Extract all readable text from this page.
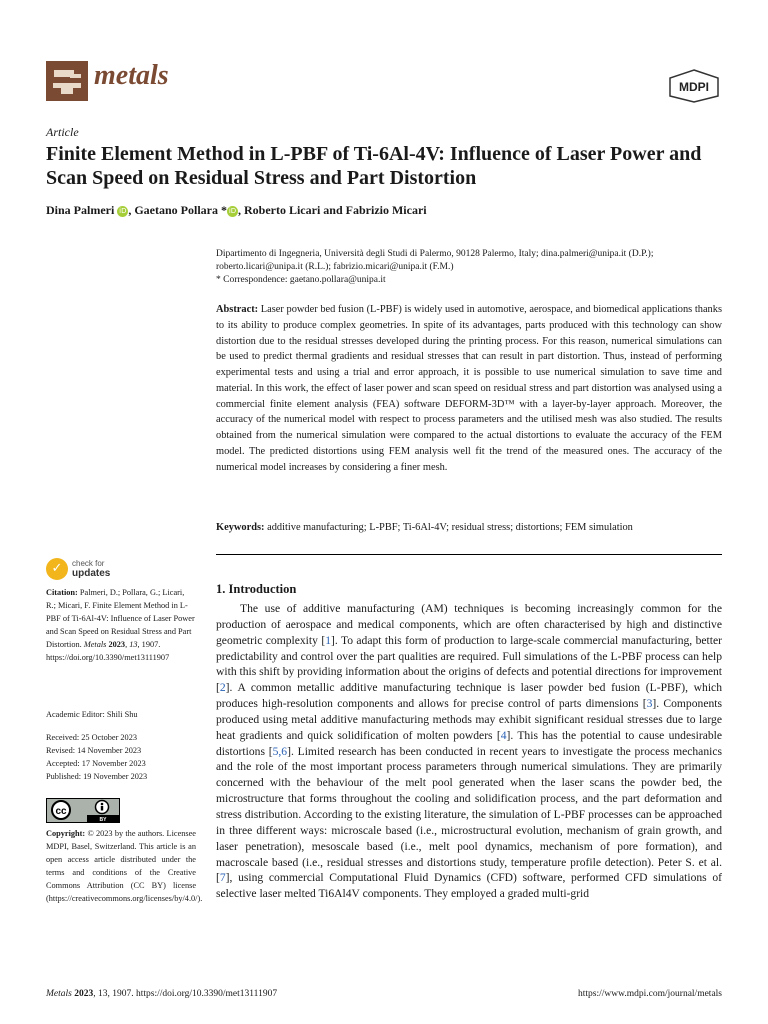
metals	MDPI
Article
Finite Element Method in L-PBF of Ti-6Al-4V: Influence of Laser Power and Scan Speed on Residual Stress and Part Distortion
Dina Palmeri iD , Gaetano Pollara * iD , Roberto Licari and Fabrizio Micari
Dipartimento di Ingegneria, Università degli Studi di Palermo, 90128 Palermo, Italy; dina.palmeri@unipa.it (D.P.); roberto.licari@unipa.it (R.L.); fabrizio.micari@unipa.it (F.M.)
* Correspondence: gaetano.pollara@unipa.it
Abstract: Laser powder bed fusion (L-PBF) is widely used in automotive, aerospace, and biomedical applications thanks to its ability to produce complex geometries. In spite of its advantages, parts produced with this technology can show distortion due to the residual stresses developed during the printing process. For this reason, numerical simulations can be used to predict thermal gradients and residual stresses that can result in part distortion. Thus, instead of performing experimental tests and using a trial and error approach, it is possible to use numerical simulation to save time and material. In this work, the effect of laser power and scan speed on residual stress and part distortion was analysed using a commercial finite element analysis (FEA) software DEFORM-3D™ with a layer-by-layer approach. Moreover, the accuracy of the numerical model with respect to process parameters and the utilised mesh was also studied. The results obtained from the numerical simulation were compared to the actual distortions to evaluate the accuracy of the FEM model. The predicted distortions using FEM analysis well fit the trend of the measured ones. The accuracy of the numerical model increases by considering a finer mesh.
Keywords: additive manufacturing; L-PBF; Ti-6Al-4V; residual stress; distortions; FEM simulation
1. Introduction
The use of additive manufacturing (AM) techniques is becoming increasingly common for the production of aerospace and medical components, which are often characterised by high and distinctive geometric complexity [1]. To adapt this form of production to large-scale commercial manufacturing, better predictability and control over the part qualities are required. Full simulations of the L-PBF process can help with this shift by providing information about the origins of defects and potential directions for improvement [2]. A common metallic additive manufacturing technique is laser powder bed fusion (L-PBF), which produces high-resolution components and allows for precise control of parts dimensions [3]. Components produced using metal additive manufacturing methods may exhibit significant residual stresses due to large heat gradients and quick solidification of molten powders [4]. This has the potential to cause undesirable distortions [5,6]. Limited research has been conducted in recent years to investigate the process mechanics and the role of the most important process parameters through numerical simulations. They are primarily concerned with the behaviour of the melt pool generated when the laser scans the powder bed, the microstructure that forms throughout the cooling and solidification process, and the part deformation and stress distribution. According to the existing literature, the simulation of L-PBF processes can be approached in three different ways: microscale based (i.e., microstructural evolution, mechanism of grain growth, and laser penetration), mesoscale based (i.e., melt pool dynamics, mechanism of pore formation), and macroscale based (i.e., residual stresses and distortions study, temperature profile detection). Peter S. et al. [7], using commercial Computational Fluid Dynamics (CFD) software, performed CFD simulations of selective laser melted Ti6Al4V components. They employed a graded multi-grid
✓	check for
updates
Citation: Palmeri, D.; Pollara, G.; Licari, R.; Micari, F. Finite Element Method in L-PBF of Ti-6Al-4V: Influence of Laser Power and Scan Speed on Residual Stress and Part Distortion. Metals 2023, 13, 1907. https://doi.org/10.3390/met13111907
Academic Editor: Shili Shu
Received: 25 October 2023
Revised: 14 November 2023
Accepted: 17 November 2023
Published: 19 November 2023
cc
BY
Copyright: © 2023 by the authors. Licensee MDPI, Basel, Switzerland. This article is an open access article distributed under the terms and conditions of the Creative Commons Attribution (CC BY) license (https://creativecommons.org/licenses/by/4.0/).
Metals 2023, 13, 1907. https://doi.org/10.3390/met13111907	https://www.mdpi.com/journal/metals
